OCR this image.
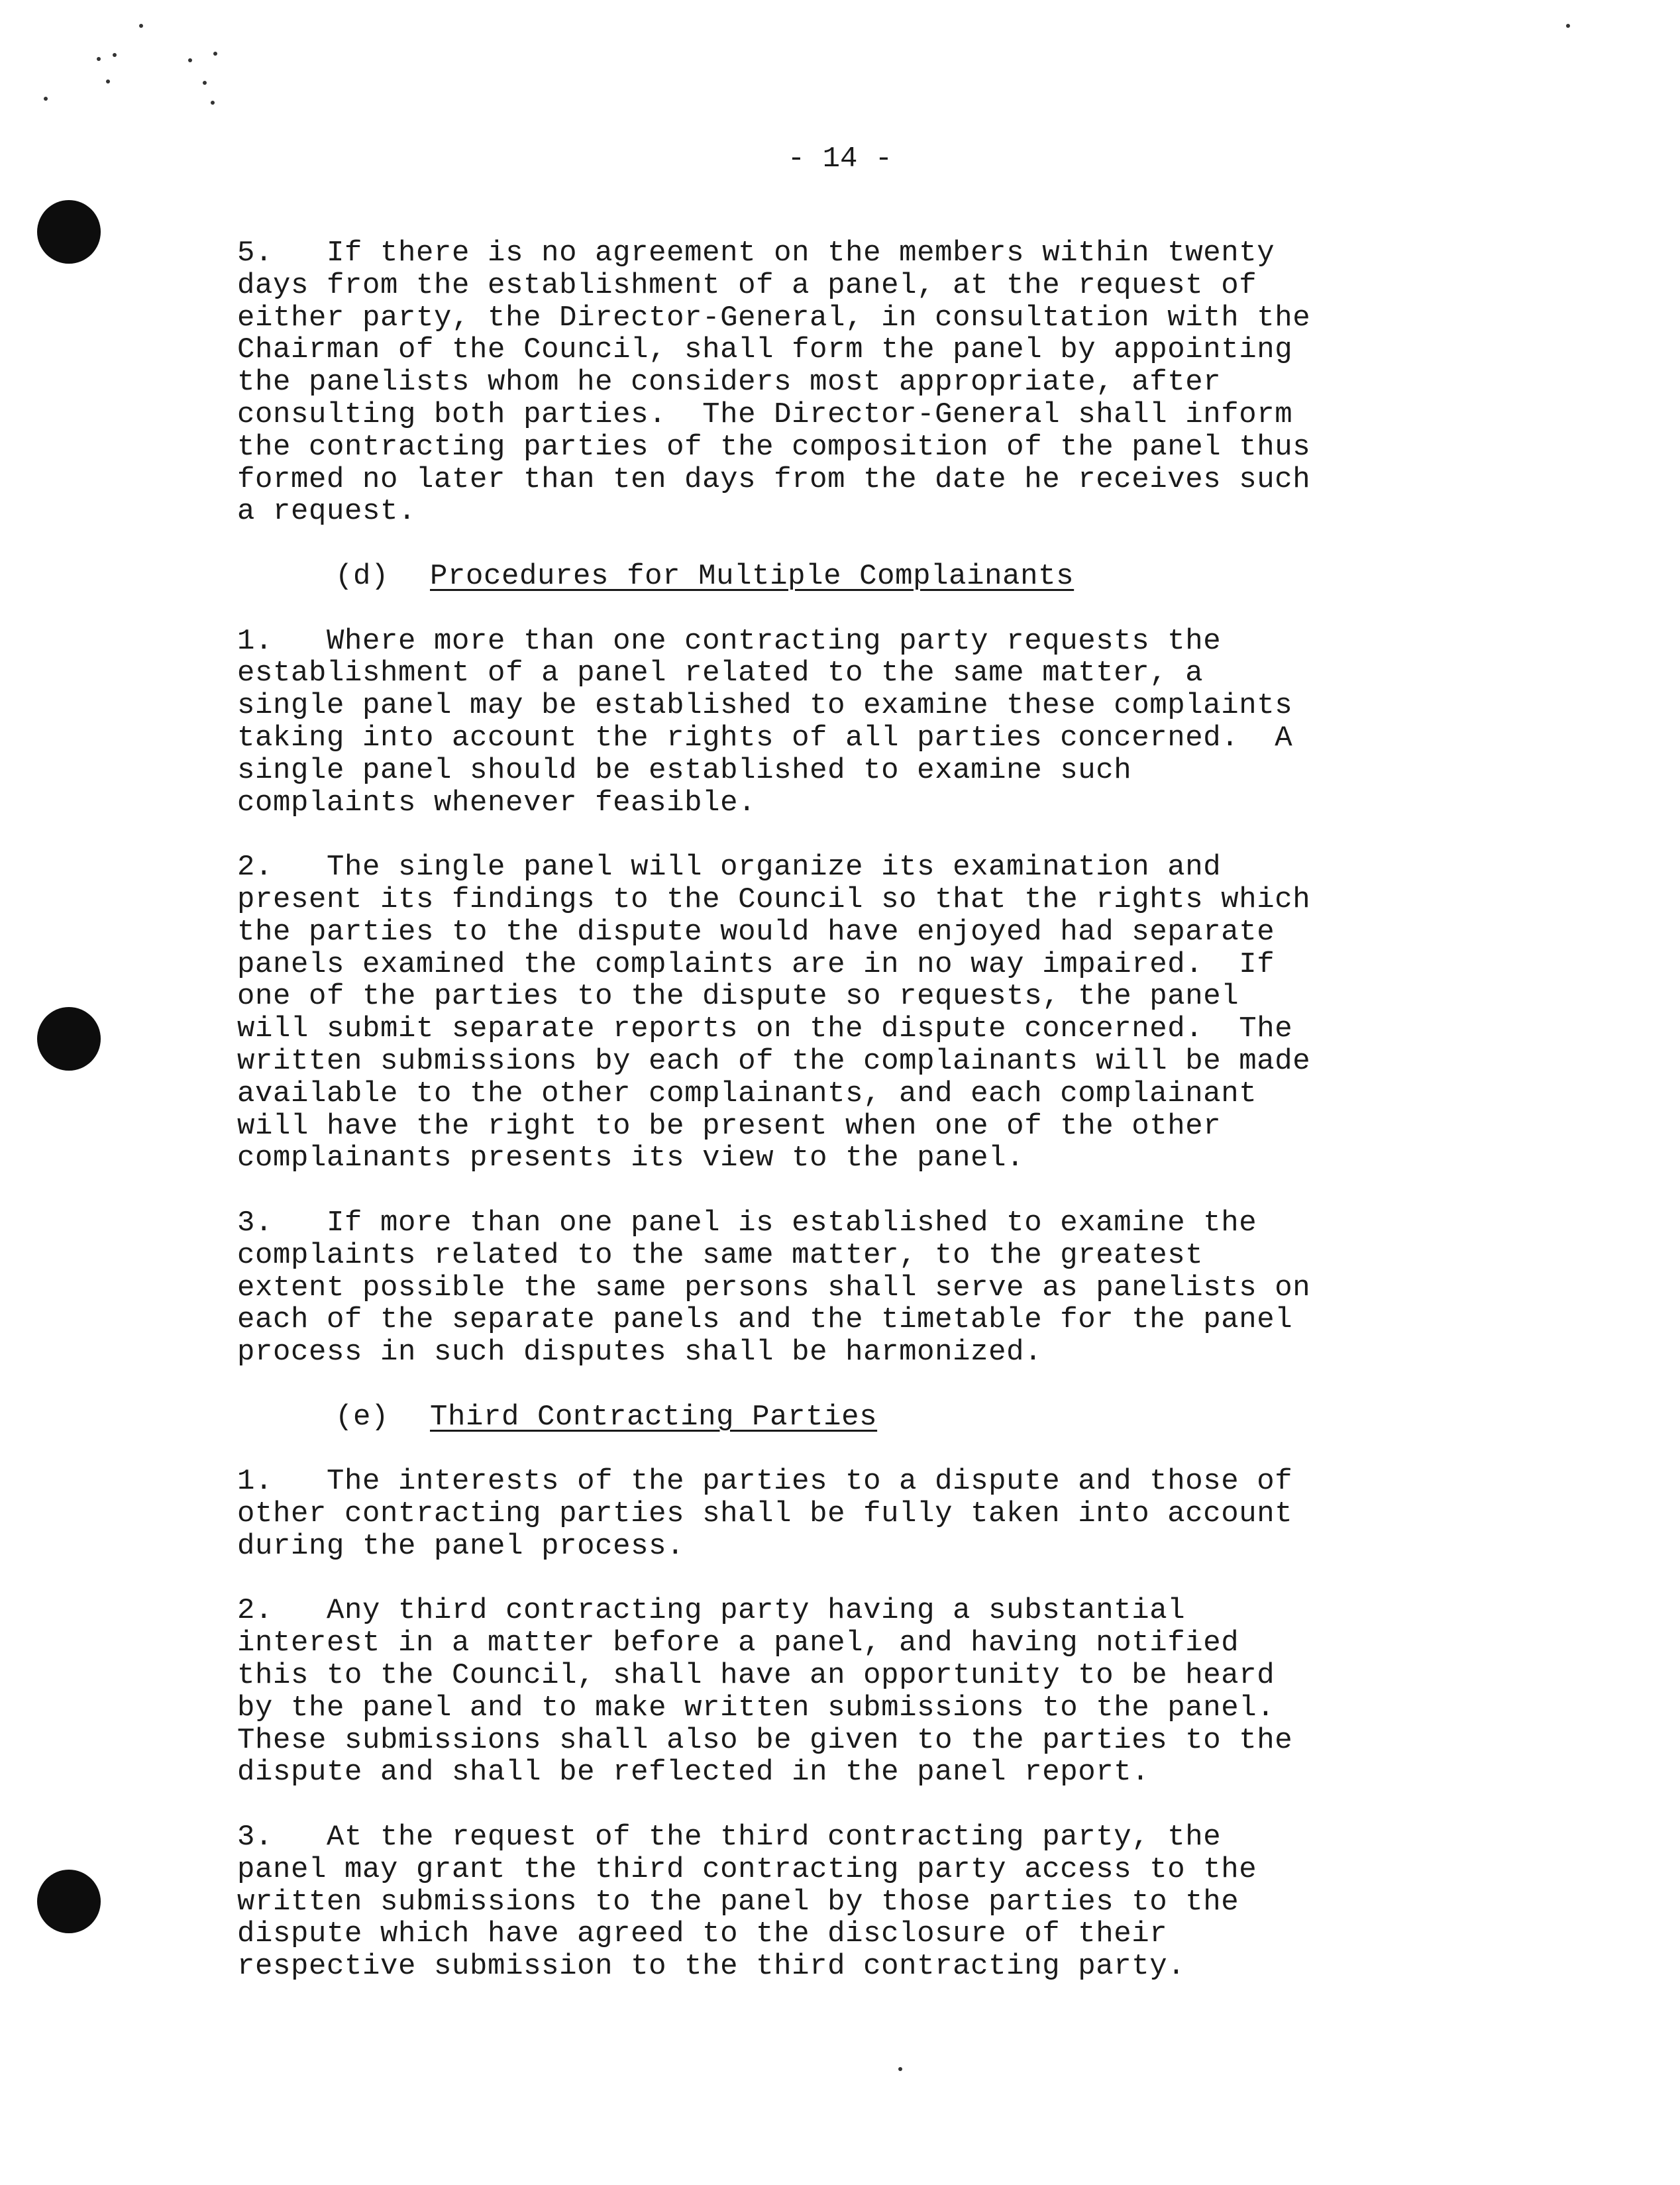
- 14 -
5.   If there is no agreement on the members within twenty
days from the establishment of a panel, at the request of
either party, the Director-General, in consultation with the
Chairman of the Council, shall form the panel by appointing
the panelists whom he considers most appropriate, after
consulting both parties.  The Director-General shall inform
the contracting parties of the composition of the panel thus
formed no later than ten days from the date he receives such
a request.
(d) Procedures for Multiple Complainants
1.   Where more than one contracting party requests the
establishment of a panel related to the same matter, a
single panel may be established to examine these complaints
taking into account the rights of all parties concerned.  A
single panel should be established to examine such
complaints whenever feasible.
2.   The single panel will organize its examination and
present its findings to the Council so that the rights which
the parties to the dispute would have enjoyed had separate
panels examined the complaints are in no way impaired.  If
one of the parties to the dispute so requests, the panel
will submit separate reports on the dispute concerned.  The
written submissions by each of the complainants will be made
available to the other complainants, and each complainant
will have the right to be present when one of the other
complainants presents its view to the panel.
3.   If more than one panel is established to examine the
complaints related to the same matter, to the greatest
extent possible the same persons shall serve as panelists on
each of the separate panels and the timetable for the panel
process in such disputes shall be harmonized.
(e) Third Contracting Parties
1.   The interests of the parties to a dispute and those of
other contracting parties shall be fully taken into account
during the panel process.
2.   Any third contracting party having a substantial
interest in a matter before a panel, and having notified
this to the Council, shall have an opportunity to be heard
by the panel and to make written submissions to the panel.
These submissions shall also be given to the parties to the
dispute and shall be reflected in the panel report.
3.   At the request of the third contracting party, the
panel may grant the third contracting party access to the
written submissions to the panel by those parties to the
dispute which have agreed to the disclosure of their
respective submission to the third contracting party.
